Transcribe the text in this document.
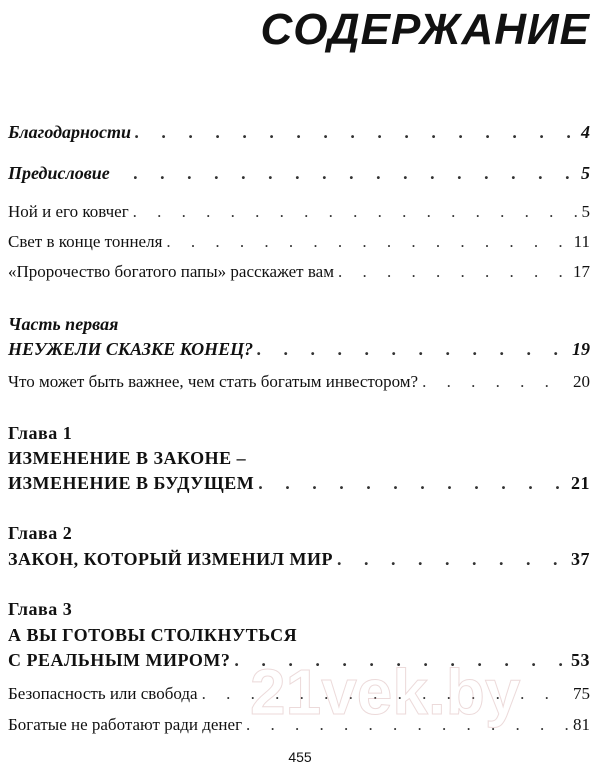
СОДЕРЖАНИЕ
Благодарности . . .	4
Предисловие . . .	5
Ной и его ковчег . . .	5
Свет в конце тоннеля . . .	11
«Пророчество богатого папы» расскажет вам . . .	17
Часть первая
НЕУЖЕЛИ СКАЗКЕ КОНЕЦ? . . .	19
Что может быть важнее, чем стать богатым инвестором? . . .	20
Глава 1
ИЗМЕНЕНИЕ В ЗАКОНЕ –
ИЗМЕНЕНИЕ В БУДУЩЕМ . . .	21
Глава 2
ЗАКОН, КОТОРЫЙ ИЗМЕНИЛ МИР . . .	37
Глава 3
А ВЫ ГОТОВЫ СТОЛКНУТЬСЯ
С РЕАЛЬНЫМ МИРОМ? . . .	53
Безопасность или свобода . . .	75
Богатые не работают ради денег . . .	81
21vek.by
455
